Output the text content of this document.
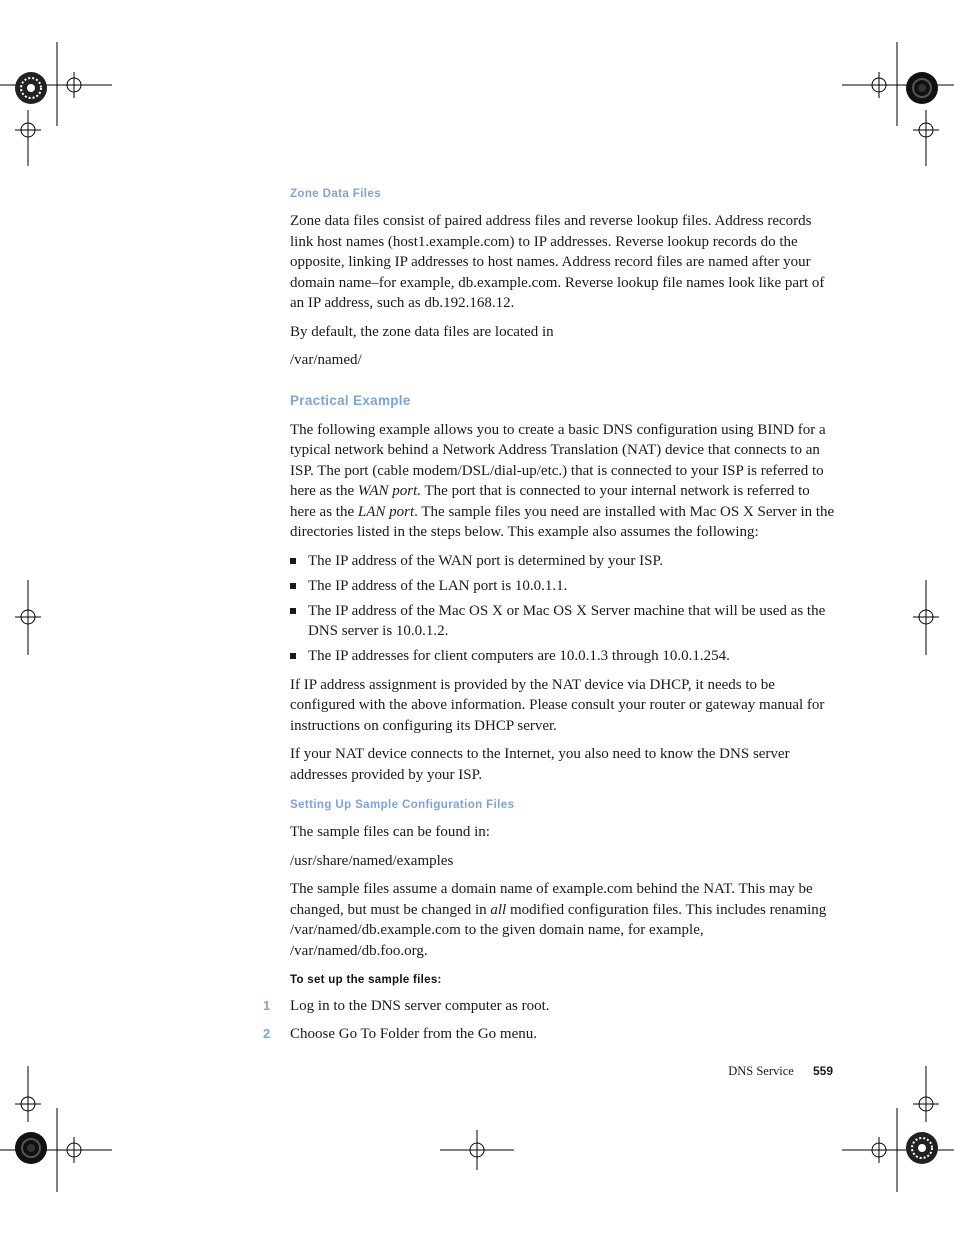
Zone Data Files

Zone data files consist of paired address files and reverse lookup files. Address records link host names (host1.example.com) to IP addresses. Reverse lookup records do the opposite, linking IP addresses to host names. Address record files are named after your domain name–for example, db.example.com. Reverse lookup file names look like part of an IP address, such as db.192.168.12.

By default, the zone data files are located in

/var/named/
Practical Example

The following example allows you to create a basic DNS configuration using BIND for a typical network behind a Network Address Translation (NAT) device that connects to an ISP. The port (cable modem/DSL/dial-up/etc.) that is connected to your ISP is referred to here as the WAN port. The port that is connected to your internal network is referred to here as the LAN port. The sample files you need are installed with Mac OS X Server in the directories listed in the steps below. This example also assumes the following:

The IP address of the WAN port is determined by your ISP.
The IP address of the LAN port is 10.0.1.1.
The IP address of the Mac OS X or Mac OS X Server machine that will be used as the DNS server is 10.0.1.2.
The IP addresses for client computers are 10.0.1.3 through 10.0.1.254.

If IP address assignment is provided by the NAT device via DHCP, it needs to be configured with the above information. Please consult your router or gateway manual for instructions on configuring its DHCP server.

If your NAT device connects to the Internet, you also need to know the DNS server addresses provided by your ISP.

Setting Up Sample Configuration Files

The sample files can be found in:

/usr/share/named/examples

The sample files assume a domain name of example.com behind the NAT. This may be changed, but must be changed in all modified configuration files. This includes renaming /var/named/db.example.com to the given domain name, for example, /var/named/db.foo.org.

To set up the sample files:
1 Log in to the DNS server computer as root.
2 Choose Go To Folder from the Go menu.
DNS Service 559
